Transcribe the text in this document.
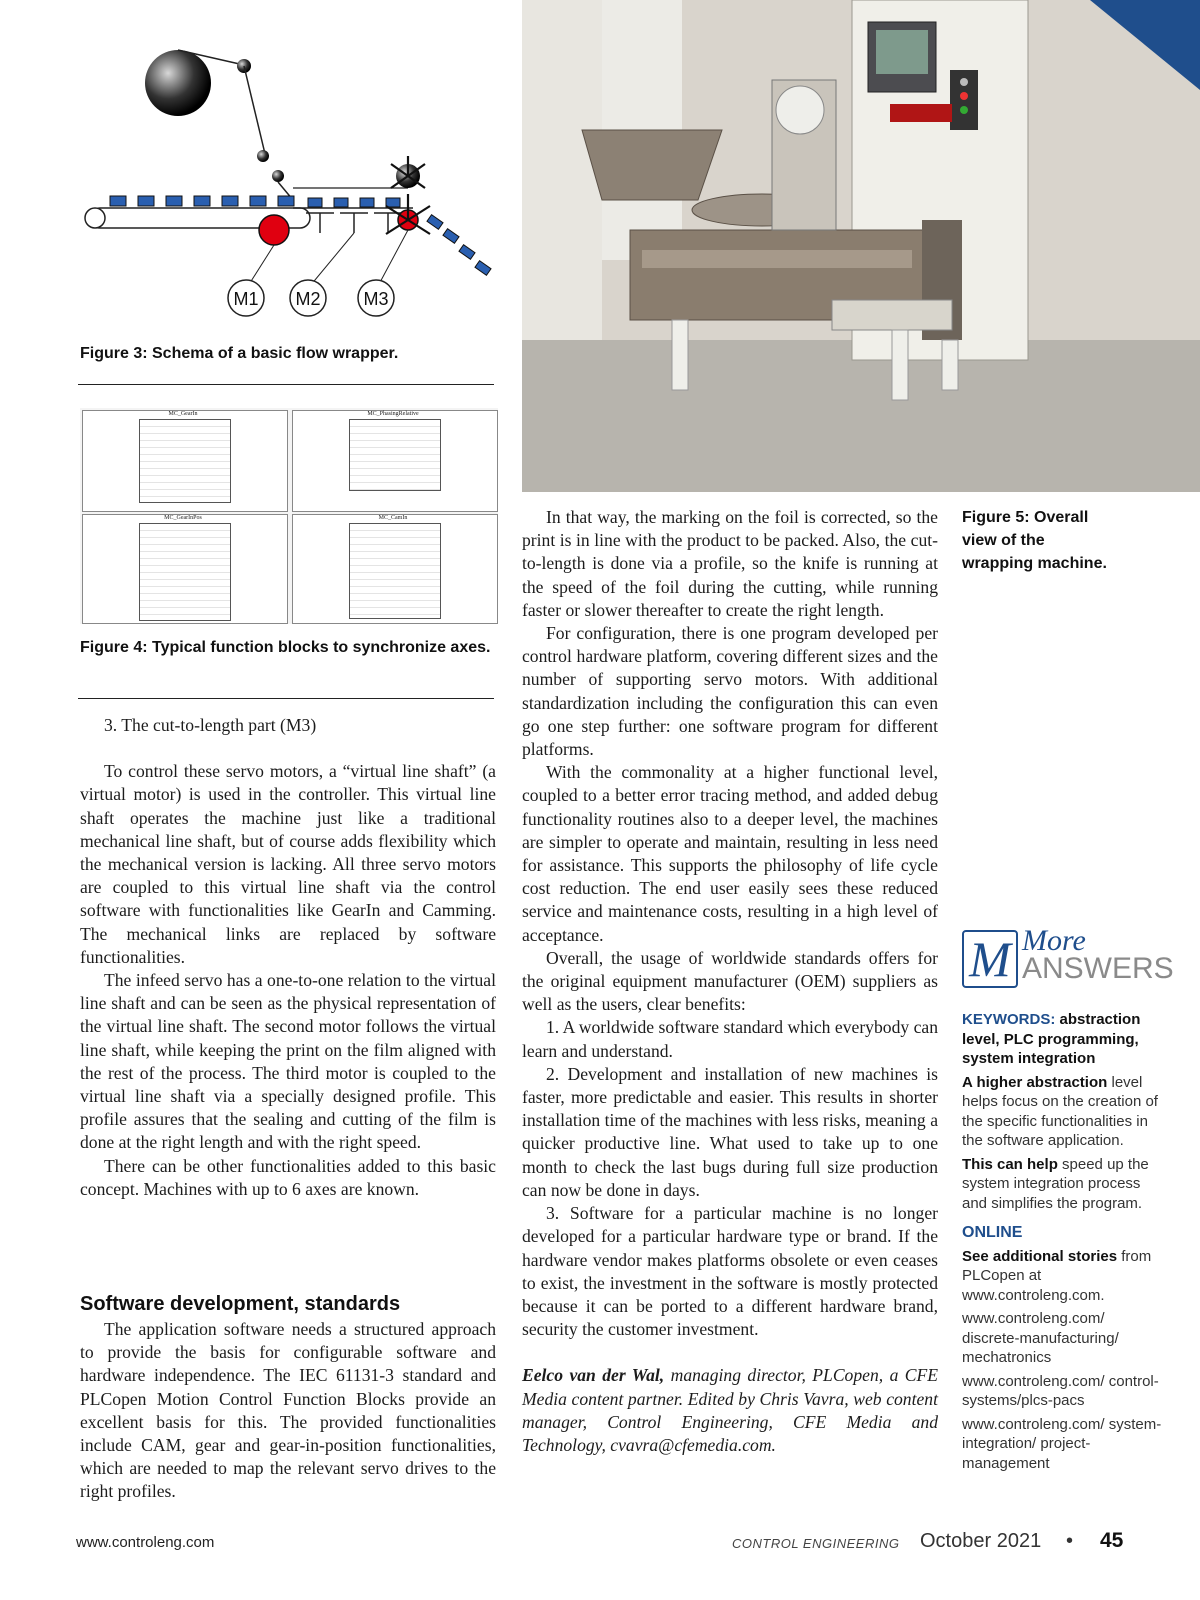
M1 M2 M3
Figure 3: Schema of a basic flow wrapper.
MC_GearIn	MC_PhasingRelative
MC_GearInPos	MC_CamIn
Figure 4: Typical function blocks to synchronize axes.

3. The cut-to-length part (M3)

To control these servo motors, a “virtual line shaft” (a virtual motor) is used in the controller. This virtual line shaft operates the machine just like a traditional mechanical line shaft, but of course adds flexibility which the mechanical version is lacking. All three servo motors are coupled to this virtual line shaft via the control software with functionalities like GearIn and Camming. The mechanical links are replaced by software functionalities.

The infeed servo has a one-to-one relation to the virtual line shaft and can be seen as the physical representation of the virtual line shaft. The second motor follows the virtual line shaft, while keeping the print on the film aligned with the rest of the process. The third motor is coupled to the virtual line shaft via a specially designed profile. This profile assures that the sealing and cutting of the film is done at the right length and with the right speed.

There can be other functionalities added to this basic concept. Machines with up to 6 axes are known.

Software development, standards

The application software needs a structured approach to provide the basis for configurable software and hardware independence. The IEC 61131-3 standard and PLCopen Motion Control Function Blocks provide an excellent basis for this. The provided functionalities include CAM, gear and gear-in-position functionalities, which are needed to map the relevant servo drives to the right profiles.

Figure 5: Overall view of the wrapping machine.

In that way, the marking on the foil is corrected, so the print is in line with the product to be packed. Also, the cut-to-length is done via a profile, so the knife is running at the speed of the foil during the cutting, while running faster or slower thereafter to create the right length.

For configuration, there is one program developed per control hardware platform, covering different sizes and the number of supporting servo motors. With additional standardization including the configuration this can even go one step further: one software program for different platforms.

With the commonality at a higher functional level, coupled to a better error tracing method, and added debug functionality routines also to a deeper level, the machines are simpler to operate and maintain, resulting in less need for assistance. This supports the philosophy of life cycle cost reduction. The end user easily sees these reduced service and maintenance costs, resulting in a high level of acceptance.

Overall, the usage of worldwide standards offers for the original equipment manufacturer (OEM) suppliers as well as the users, clear benefits:

1. A worldwide software standard which everybody can learn and understand.

2. Development and installation of new machines is faster, more predictable and easier. This results in shorter installation time of the machines with less risks, meaning a quicker productive line. What used to take up to one month to check the last bugs during full size production can now be done in days.

3. Software for a particular machine is no longer developed for a particular hardware type or brand. If the hardware vendor makes platforms obsolete or even ceases to exist, the investment in the software is mostly protected because it can be ported to a different hardware brand, security the customer investment.

Eelco van der Wal, managing director, PLCopen, a CFE Media content partner. Edited by Chris Vavra, web content manager, Control Engineering, CFE Media and Technology, cvavra@cfemedia.com.

M More
ANSWERS
KEYWORDS: abstraction level, PLC programming, system integration
A higher abstraction level helps focus on the creation of the specific functionalities in the software application.
This can help speed up the system integration process and simplifies the program.
ONLINE
See additional stories from PLCopen at www.controleng.com.
www.controleng.com/ discrete-manufacturing/ mechatronics
www.controleng.com/ control-systems/plcs-pacs
www.controleng.com/ system-integration/ project-management
www.controleng.com	CONTROL ENGINEERING October 2021 • 45
